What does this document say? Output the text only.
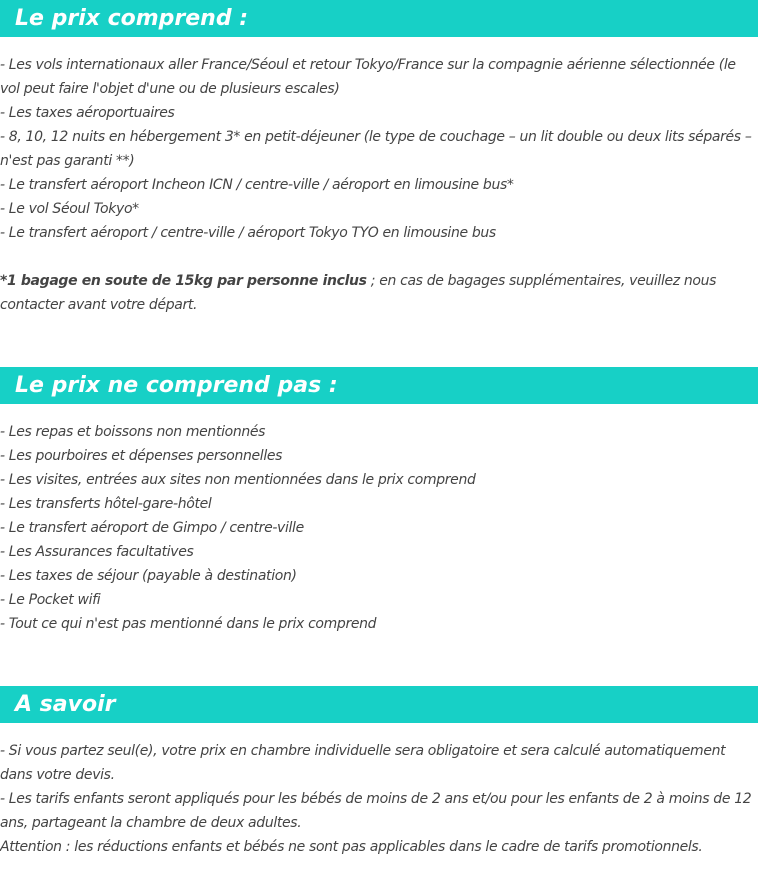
Le prix comprend :
- Les vols internationaux aller France/Séoul et retour Tokyo/France sur la compagnie aérienne sélectionnée (le vol peut faire l'objet d'une ou de plusieurs escales)
- Les taxes aéroportuaires
- 8, 10, 12 nuits en hébergement 3* en petit-déjeuner (le type de couchage – un lit double ou deux lits séparés – n'est pas garanti **)
- Le transfert aéroport Incheon ICN / centre-ville / aéroport en limousine bus*
- Le vol Séoul Tokyo*
- Le transfert aéroport / centre-ville / aéroport Tokyo TYO en limousine bus
*1 bagage en soute de 15kg par personne inclus ; en cas de bagages supplémentaires, veuillez nous contacter avant votre départ.
Le prix ne comprend pas :
- Les repas et boissons non mentionnés
- Les pourboires et dépenses personnelles
- Les visites, entrées aux sites non mentionnées dans le prix comprend
- Les transferts hôtel-gare-hôtel
- Le transfert aéroport de Gimpo / centre-ville
- Les Assurances facultatives
- Les taxes de séjour (payable à destination)
- Le Pocket wifi
- Tout ce qui n'est pas mentionné dans le prix comprend
A savoir
- Si vous partez seul(e), votre prix en chambre individuelle sera obligatoire et sera calculé automatiquement dans votre devis.
- Les tarifs enfants seront appliqués pour les bébés de moins de 2 ans et/ou pour les enfants de 2 à moins de 12 ans, partageant la chambre de deux adultes.
Attention : les réductions enfants et bébés ne sont pas applicables dans le cadre de tarifs promotionnels.
